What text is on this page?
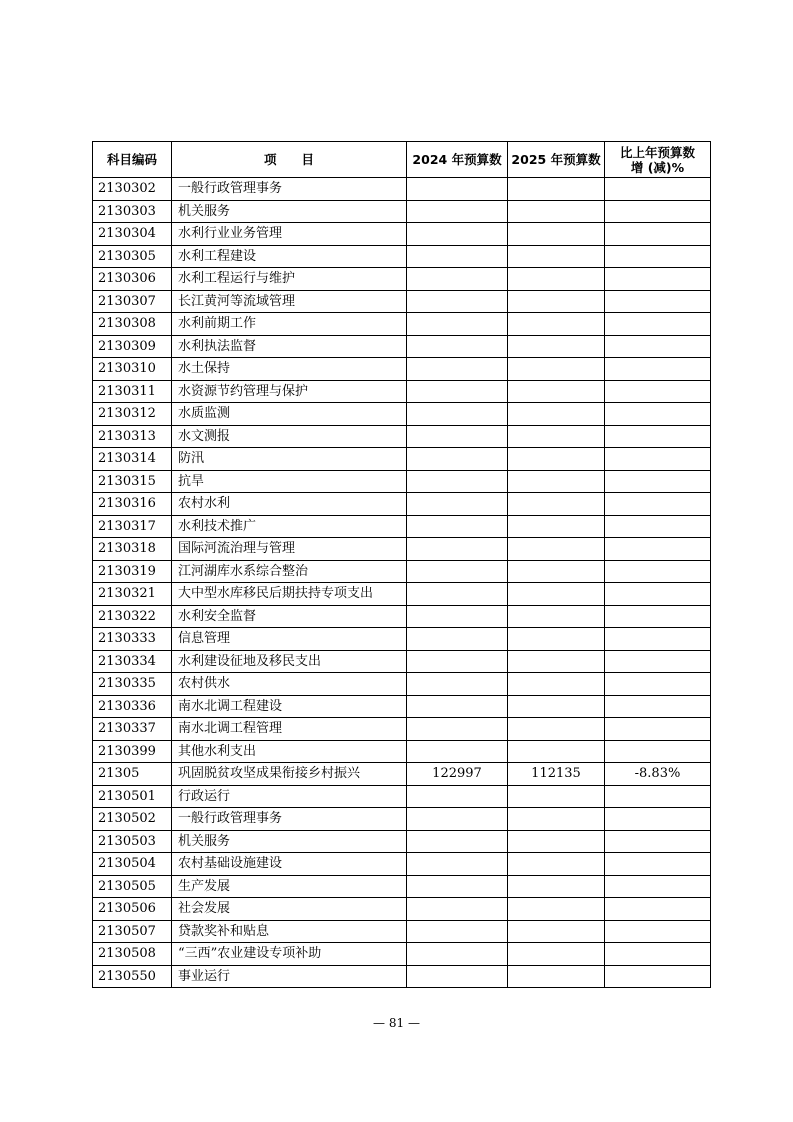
科目编码	项　　目	2024 年预算数	2025 年预算数	比上年预算数
增 (减)%

2130302	一般行政管理事务			
2130303	机关服务			
2130304	水利行业业务管理			
2130305	水利工程建设			
2130306	水利工程运行与维护			
2130307	长江黄河等流域管理			
2130308	水利前期工作			
2130309	水利执法监督			
2130310	水土保持			
2130311	水资源节约管理与保护			
2130312	水质监测			
2130313	水文测报			
2130314	防汛			
2130315	抗旱			
2130316	农村水利			
2130317	水利技术推广			
2130318	国际河流治理与管理			
2130319	江河湖库水系综合整治			
2130321	大中型水库移民后期扶持专项支出			
2130322	水利安全监督			
2130333	信息管理			
2130334	水利建设征地及移民支出			
2130335	农村供水			
2130336	南水北调工程建设			
2130337	南水北调工程管理			
2130399	其他水利支出			
21305	巩固脱贫攻坚成果衔接乡村振兴	122997	112135	-8.83%
2130501	行政运行			
2130502	一般行政管理事务			
2130503	机关服务			
2130504	农村基础设施建设			
2130505	生产发展			
2130506	社会发展			
2130507	贷款奖补和贴息			
2130508	“三西”农业建设专项补助			
2130550	事业运行			
— 81 —
